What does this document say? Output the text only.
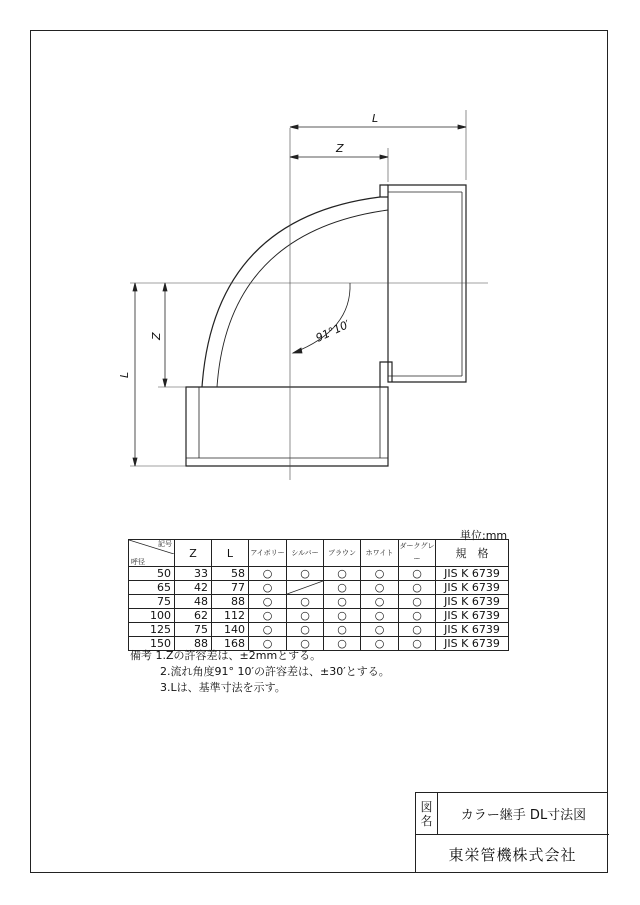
L
Z
L
Z	91°10′
単位:mm
記号
呼径	Z	L	アイボリー	シルバー	ブラウン	ホワイト	ダークグレー	規　格
50	33	58	○	○	○	○	○	JIS K 6739
65	42	77	○		○	○	○	JIS K 6739
75	48	88	○	○	○	○	○	JIS K 6739
100	62	112	○	○	○	○	○	JIS K 6739
125	75	140	○	○	○	○	○	JIS K 6739
150	88	168	○	○	○	○	○	JIS K 6739
備考 1.Zの許容差は、±2mmとする。
2.流れ角度91° 10′の許容差は、±30′とする。
3.Lは、基準寸法を示す。
図名	カラー継手 DL寸法図
東栄管機株式会社
